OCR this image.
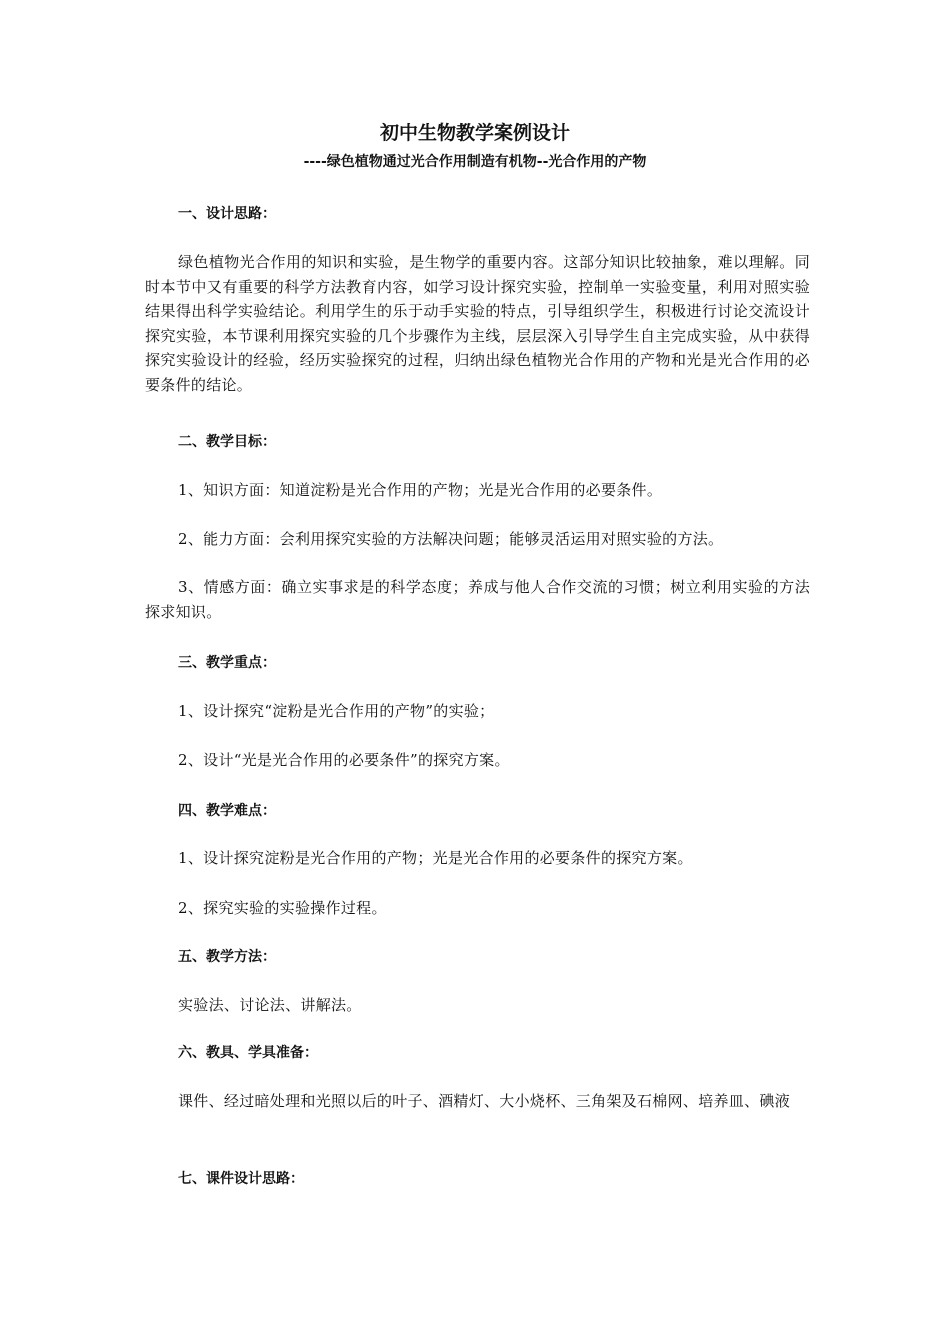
初中生物教学案例设计
----绿色植物通过光合作用制造有机物--光合作用的产物
一、设计思路：
绿色植物光合作用的知识和实验，是生物学的重要内容。这部分知识比较抽象，难以理解。同时本节中又有重要的科学方法教育内容，如学习设计探究实验，控制单一实验变量，利用对照实验结果得出科学实验结论。利用学生的乐于动手实验的特点，引导组织学生，积极进行讨论交流设计探究实验，本节课利用探究实验的几个步骤作为主线，层层深入引导学生自主完成实验，从中获得探究实验设计的经验，经历实验探究的过程，归纳出绿色植物光合作用的产物和光是光合作用的必要条件的结论。
二、教学目标：
1、知识方面：知道淀粉是光合作用的产物；光是光合作用的必要条件。
2、能力方面：会利用探究实验的方法解决问题；能够灵活运用对照实验的方法。
3、情感方面：确立实事求是的科学态度；养成与他人合作交流的习惯；树立利用实验的方法探求知识。
三、教学重点：
1、设计探究“淀粉是光合作用的产物”的实验；
2、设计“光是光合作用的必要条件”的探究方案。
四、教学难点：
1、设计探究淀粉是光合作用的产物；光是光合作用的必要条件的探究方案。
2、探究实验的实验操作过程。
五、教学方法：
实验法、讨论法、讲解法。
六、教具、学具准备：
课件、经过暗处理和光照以后的叶子、酒精灯、大小烧杯、三角架及石棉网、培养皿、碘液
七、课件设计思路：
